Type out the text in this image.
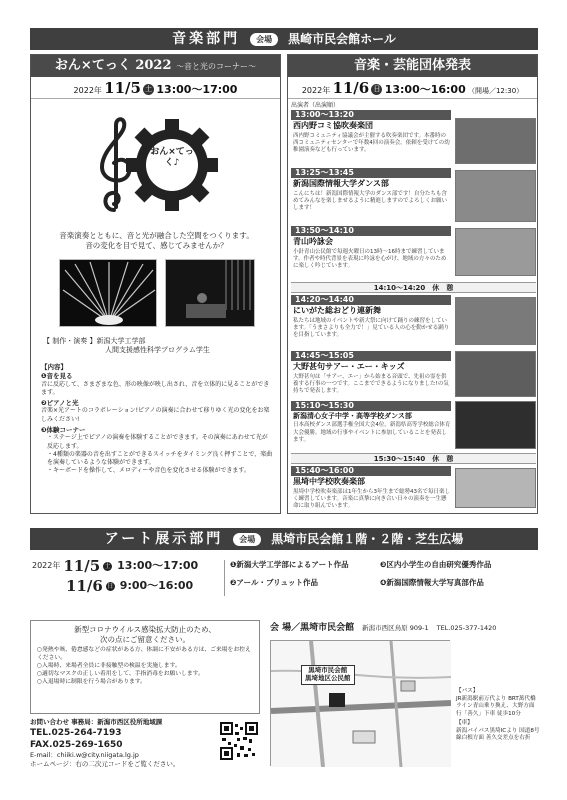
音楽部門	会場	黒崎市民会館ホール
おん×てっく 2022 〜音と光のコーナー〜
2022年 11/5 土 13:00〜17:00
おん×てっく♪
音楽演奏とともに、音と光が融合した空間をつくります。
音の変化を目で見て、感じてみませんか？
【 制作・演奏 】新潟大学工学部
人間支援感性科学プログラム学生
【内容】
❶音を見る
音に反応して、さまざまな色、形の映像が映し出され、音を立体的に見ることができます。
❷ピアノと光
音楽×光アートのコラボレーション!ピアノの演奏に合わせて移りゆく光の変化をお楽しみください!
❸体験コーナー
・ステージ上でピアノの演奏を体験することができます。その演奏にあわせて光が反応します。
・4種類の楽器の音を出すことができるスイッチをタイミング良く押すことで、楽曲を演奏しているような体験ができます。
・キーボードを操作して、メロディーや音色を変化させる体験ができます。
音楽・芸能団体発表
2022年 11/6 日 13:00〜16:00 （開場／12:30）
出演者（出演順）
13:00〜13:20
西内野コミ協吹奏楽団
西内野コミュニティ協議会が主催する吹奏楽団です。本番時の西コミュニティセンターで年数4回の演奏会。依頼を受けての幼稚園演奏なども行っています。
13:25〜13:45
新潟国際情報大学ダンス部
こんにちは！新潟国際情報大学のダンス部です！自分たちも含めてみんなを楽しませるように精進しますのでよろしくお願いします！
13:50〜14:10
青山吟詠会
小針青山公民館で毎週火曜日の13時〜16時まで練習しています。作者や時代背景を表現に吟詠を心がけ、地域の方々のために楽しく吟じています。
14:10〜14:20　休　憩
14:20〜14:40
にいがた総おどり連新舞
私たちは地域のイベントや新大祭に向けて踊りの練習をしています。「うまさよりも全力で！」見ている人の心を動かせる踊りを目指しています。
14:45〜15:05
大野甚句サアー・エー・キッズ
大野甚句は「サアー、エー」から始まる音頭で、先祖の霊を供養する行事の一つです。ここまでできるようになりました!の気持ちで発表します。
15:10〜15:30
新潟清心女子中学・高等学校ダンス部
日本高校ダンス部選手権全国大会4位。新潟県高等学校総合体育大会優勝。地域の行事やイベントに参加していることを発表します。
15:30〜15:40　休　憩
15:40〜16:00
黒埼中学校吹奏楽部
黒埼中学校吹奏楽部は1年生から3年生まで総勢43名で毎日楽しく練習しています。音楽に真摯に向き合い日々の演奏を一生懸命に取り組んでいます。
アート展示部門	会場	黒埼市民会館１階・２階・芝生広場
2022年 11/5 土 13:00〜17:00
11/6 日 9:00〜16:00
❶新潟大学工学部によるアート作品	❸区内小学生の自由研究優秀作品
❷アール・ブリュット作品	❹新潟国際情報大学写真部作品
新型コロナウイルス感染拡大防止のため、
次の点にご留意ください。
○発熱や咳、倦怠感などの症状がある方、体調に不安がある方は、ご来場をお控えください。
○入場時、来場者全員に非接触型の検温を実施します。
○適切なマスクの正しい着用をして、手指消毒をお願いします。
○入退場時に制限を行う場合があります。
お問い合わせ 事務局：新潟市西区役所地域課
TEL.025-264-7193
FAX.025-269-1650
E-mail：chiiki.w@city.niigata.lg.jp
ホームページ：右の二次元コードをご覧ください。
会 場／黒埼市民会館 新潟市西区鳥原 909-1 TEL.025-377-1420
黒埼市民会館
黒埼地区公民館
【バス】
JR新潟駅前万代より BRT萬代橋ライン青山乗り換え、大野方面行「善久」下車 徒歩10分
【車】
新潟バイパス黒埼ICより 国道8号線白根方面 善久交差点を右折
